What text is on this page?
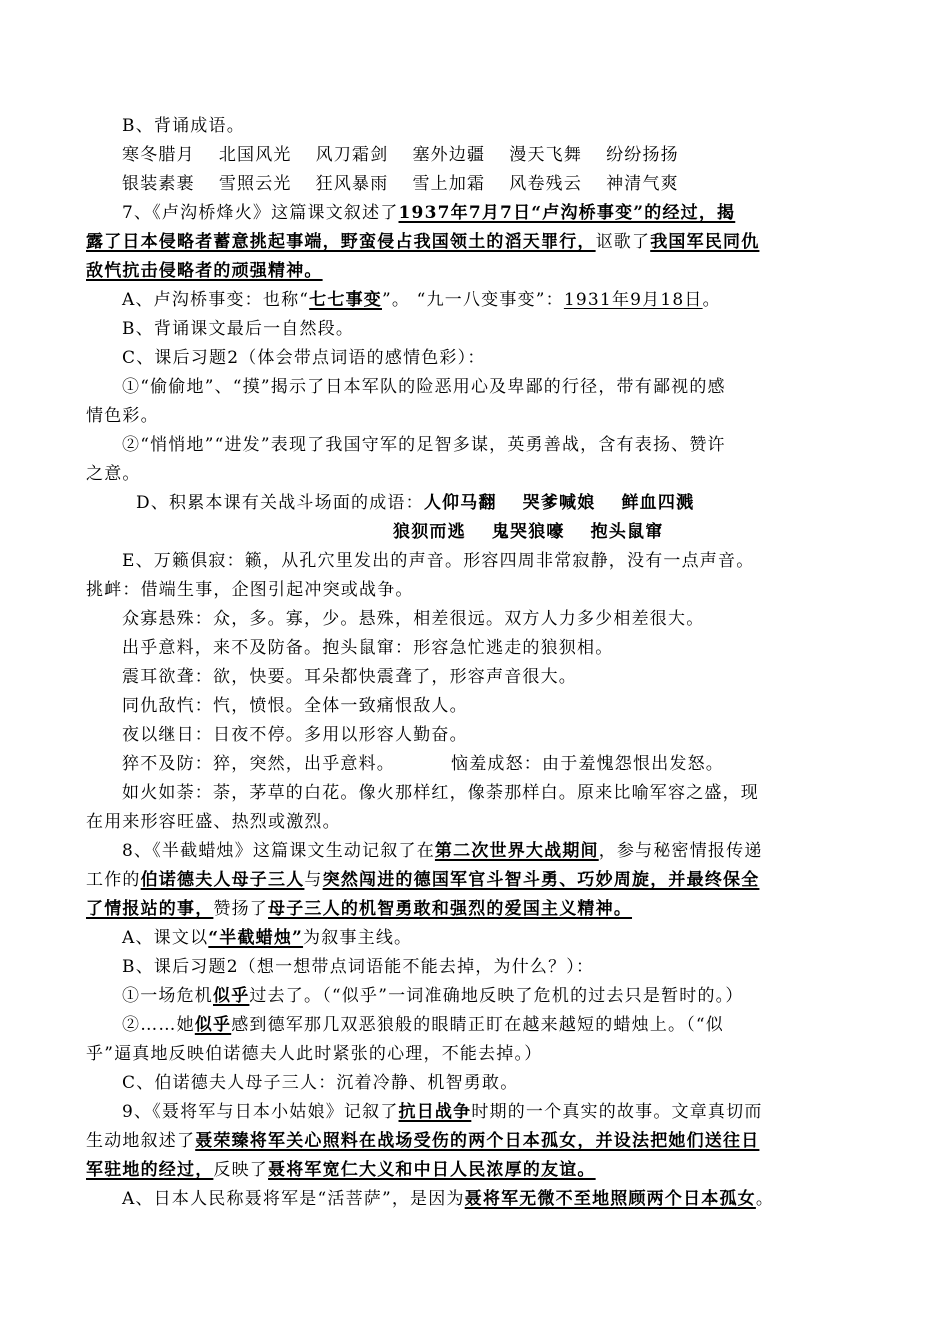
B、背诵成语。
寒冬腊月 北国风光 风刀霜剑 塞外边疆 漫天飞舞 纷纷扬扬
银装素裹 雪照云光 狂风暴雨 雪上加霜 风卷残云 神清气爽
7、《卢沟桥烽火》这篇课文叙述了1937年7月7日“卢沟桥事变”的经过，揭
露了日本侵略者蓄意挑起事端，野蛮侵占我国领土的滔天罪行，讴歌了我国军民同仇
敌忾抗击侵略者的顽强精神。
A、卢沟桥事变：也称“七七事变”。 “九一八变事变”：1931年9月18日。
B、背诵课文最后一自然段。
C、课后习题2（体会带点词语的感情色彩）：
①“偷偷地”、“摸”揭示了日本军队的险恶用心及卑鄙的行径，带有鄙视的感
情色彩。
②“悄悄地”“进发”表现了我国守军的足智多谋，英勇善战，含有表扬、赞许
之意。
D、积累本课有关战斗场面的成语：人仰马翻 哭爹喊娘 鲜血四溅
狼狈而逃 鬼哭狼嚎 抱头鼠窜
E、万籁俱寂：籁，从孔穴里发出的声音。形容四周非常寂静，没有一点声音。
挑衅：借端生事，企图引起冲突或战争。
众寡悬殊：众，多。寡，少。悬殊，相差很远。双方人力多少相差很大。
出乎意料，来不及防备。抱头鼠窜：形容急忙逃走的狼狈相。
震耳欲聋：欲，快要。耳朵都快震聋了，形容声音很大。
同仇敌忾：忾，愤恨。全体一致痛恨敌人。
夜以继日：日夜不停。多用以形容人勤奋。
猝不及防：猝，突然，出乎意料。	恼羞成怒：由于羞愧怨恨出发怒。
如火如荼：荼，茅草的白花。像火那样红，像荼那样白。原来比喻军容之盛，现
在用来形容旺盛、热烈或激烈。
8、《半截蜡烛》这篇课文生动记叙了在第二次世界大战期间，参与秘密情报传递
工作的伯诺德夫人母子三人与突然闯进的德国军官斗智斗勇、巧妙周旋，并最终保全
了情报站的事，赞扬了母子三人的机智勇敢和强烈的爱国主义精神。
A、课文以“半截蜡烛”为叙事主线。
B、课后习题2（想一想带点词语能不能去掉，为什么？）：
①一场危机似乎过去了。（“似乎”一词准确地反映了危机的过去只是暂时的。）
②……她似乎感到德军那几双恶狼般的眼睛正盯在越来越短的蜡烛上。（“似
乎”逼真地反映伯诺德夫人此时紧张的心理，不能去掉。）
C、伯诺德夫人母子三人：沉着冷静、机智勇敢。
9、《聂将军与日本小姑娘》记叙了抗日战争时期的一个真实的故事。文章真切而
生动地叙述了聂荣臻将军关心照料在战场受伤的两个日本孤女，并设法把她们送往日
军驻地的经过，反映了聂将军宽仁大义和中日人民浓厚的友谊。
A、日本人民称聂将军是“活菩萨”，是因为聂将军无微不至地照顾两个日本孤女。
